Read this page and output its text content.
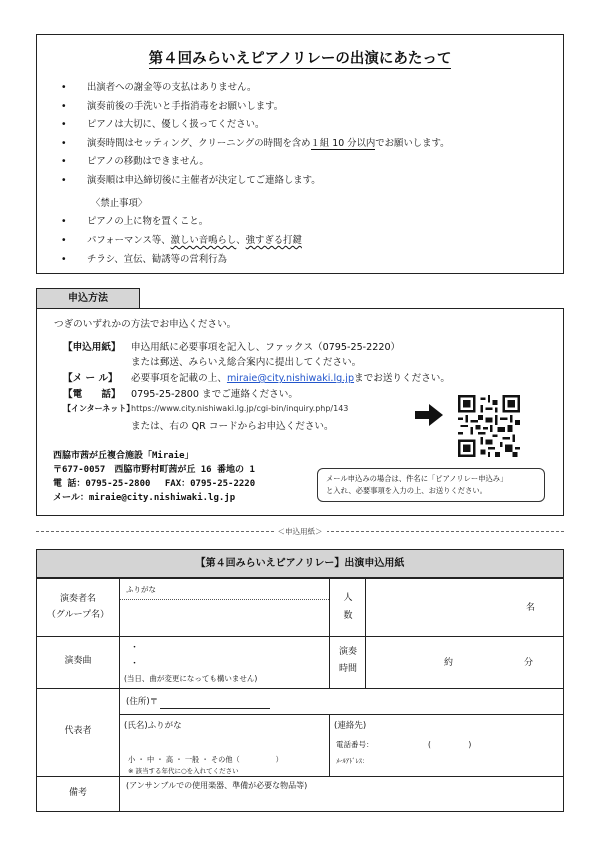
第４回みらいえピアノリレーの出演にあたって
• 出演者への謝金等の支払はありません。
• 演奏前後の手洗いと手指消毒をお願いします。
• ピアノは大切に、優しく扱ってください。
• 演奏時間はセッティング、クリーニングの時間を含め１組 10 分以内でお願いします。
• ピアノの移動はできません。
• 演奏順は申込締切後に主催者が決定してご連絡します。
〈禁止事項〉
• ピアノの上に物を置くこと。
• パフォーマンス等、激しい音鳴らし、強すぎる打鍵
• チラシ、宣伝、勧誘等の営利行為
申込方法
つぎのいずれかの方法でお申込ください。
【申込用紙】 申込用紙に必要事項を記入し、ファックス（0795-25-2220）
または郵送、みらいえ総合案内に提出してください。
【メ ー ル】 必要事項を記載の上、miraie@city.nishiwaki.lg.jpまでお送りください。
【電　　話】 0795-25-2800 までご連絡ください。
【インターネット】https://www.city.nishiwaki.lg.jp/cgi-bin/inquiry.php/143
または、右の QR コードからお申込ください。
西脇市茜が丘複合施設「Miraie」
〒677-0057　西脇市野村町茜が丘 16 番地の 1
電 話：0795-25-2800　 FAX：0795-25-2220
メール：miraie@city.nishiwaki.lg.jp
メール申込みの場合は、件名に「ピアノリレー申込み」
と入れ、必要事項を入力の上、お送りください。
＜申込用紙＞
【第４回みらいえピアノリレー】出演申込用紙
演奏者名
（グループ名）
ふりがな
人
数
名
演奏曲
・
・
(当日、曲が変更になっても構いません)
演奏
時間
約	分
代表者
(住所)〒
(氏名)ふりがな
小 ・ 中 ・ 高 ・ 一般 ・ その他（　　　　　）
※ 該当する年代に○を入れてください
(連絡先)
電話番号：	(　　　　　)
ﾒｰﾙｱﾄﾞﾚｽ：
備考
(アンサンブルでの使用楽器、準備が必要な物品等)
